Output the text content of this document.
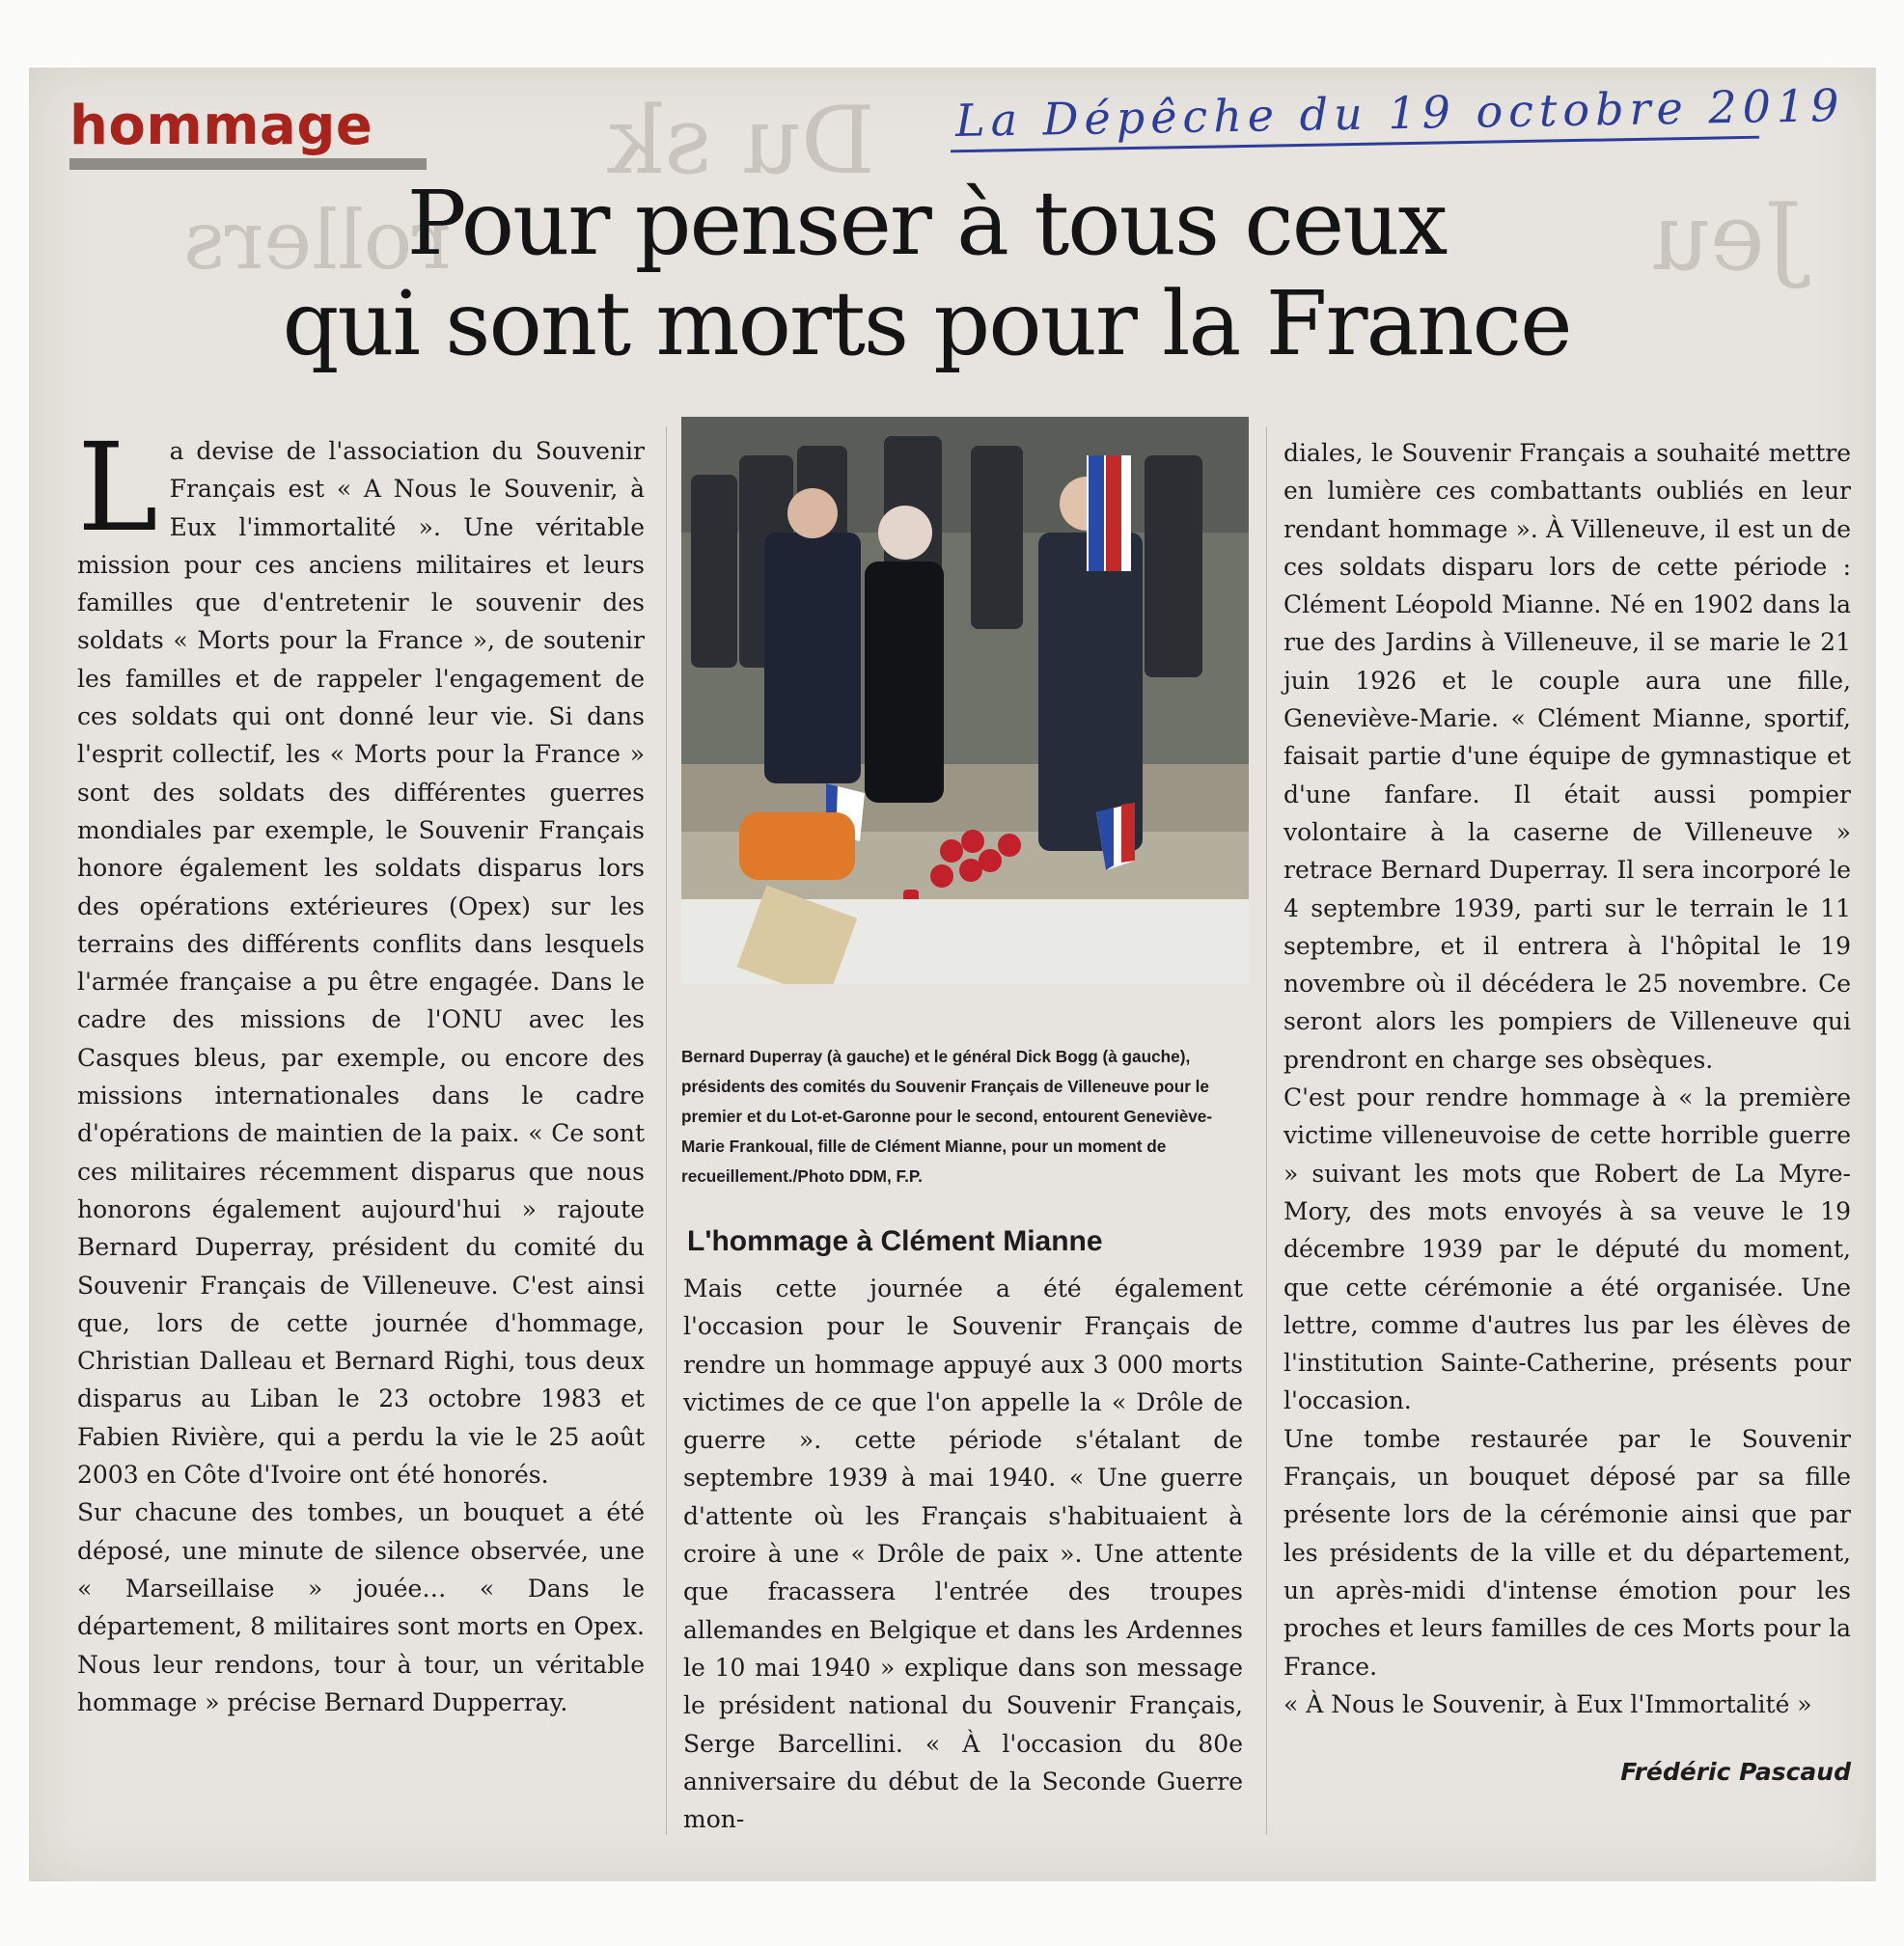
Du sk
rollers	Jeu
hommage	La Dépêche du 19 octobre 2019
Pour penser à tous ceux
qui sont morts pour la France
L a devise de l'association du Souvenir Français est « A Nous le Souvenir, à Eux l'immortalité ». Une véritable mission pour ces anciens militaires et leurs familles que d'entretenir le souvenir des soldats « Morts pour la France », de soutenir les familles et de rappeler l'engagement de ces soldats qui ont donné leur vie. Si dans l'esprit collectif, les « Morts pour la France » sont des soldats des différentes guerres mondiales par exemple, le Souvenir Français honore également les soldats disparus lors des opérations extérieures (Opex) sur les terrains des différents conflits dans lesquels l'armée française a pu être engagée. Dans le cadre des missions de l'ONU avec les Casques bleus, par exemple, ou encore des missions internationales dans le cadre d'opérations de maintien de la paix. « Ce sont ces militaires récemment disparus que nous honorons également aujourd'hui » rajoute Bernard Duperray, président du comité du Souvenir Français de Villeneuve. C'est ainsi que, lors de cette journée d'hommage, Christian Dalleau et Bernard Righi, tous deux disparus au Liban le 23 octobre 1983 et Fabien Rivière, qui a perdu la vie le 25 août 2003 en Côte d'Ivoire ont été honorés.

Sur chacune des tombes, un bouquet a été déposé, une minute de silence observée, une « Marseillaise » jouée… « Dans le département, 8 militaires sont morts en Opex. Nous leur rendons, tour à tour, un véritable hommage » précise Bernard Dupperray.

Bernard Duperray (à gauche) et le général Dick Bogg (à gauche), présidents des comités du Souvenir Français de Villeneuve pour le premier et du Lot-et-Garonne pour le second, entourent Geneviève-Marie Frankoual, fille de Clément Mianne, pour un moment de recueillement./Photo DDM, F.P.
L'hommage à Clément Mianne

Mais cette journée a été également l'occasion pour le Souvenir Français de rendre un hommage appuyé aux 3 000 morts victimes de ce que l'on appelle la « Drôle de guerre ». cette période s'étalant de septembre 1939 à mai 1940. « Une guerre d'attente où les Français s'habituaient à croire à une « Drôle de paix ». Une attente que fracassera l'entrée des troupes allemandes en Belgique et dans les Ardennes le 10 mai 1940 » explique dans son message le président national du Souvenir Français, Serge Barcellini. « À l'occasion du 80e anniversaire du début de la Seconde Guerre mon-

diales, le Souvenir Français a souhaité mettre en lumière ces combattants oubliés en leur rendant hommage ». À Villeneuve, il est un de ces soldats disparu lors de cette période : Clément Léopold Mianne. Né en 1902 dans la rue des Jardins à Villeneuve, il se marie le 21 juin 1926 et le couple aura une fille, Geneviève-Marie. « Clément Mianne, sportif, faisait partie d'une équipe de gymnastique et d'une fanfare. Il était aussi pompier volontaire à la caserne de Villeneuve » retrace Bernard Duperray. Il sera incorporé le 4 septembre 1939, parti sur le terrain le 11 septembre, et il entrera à l'hôpital le 19 novembre où il décédera le 25 novembre. Ce seront alors les pompiers de Villeneuve qui prendront en charge ses obsèques.

C'est pour rendre hommage à « la première victime villeneuvoise de cette horrible guerre » suivant les mots que Robert de La Myre-Mory, des mots envoyés à sa veuve le 19 décembre 1939 par le député du moment, que cette cérémonie a été organisée. Une lettre, comme d'autres lus par les élèves de l'institution Sainte-Catherine, présents pour l'occasion.

Une tombe restaurée par le Souvenir Français, un bouquet déposé par sa fille présente lors de la cérémonie ainsi que par les présidents de la ville et du département, un après-midi d'intense émotion pour les proches et leurs familles de ces Morts pour la France.

« À Nous le Souvenir, à Eux l'Immortalité »

Frédéric Pascaud
